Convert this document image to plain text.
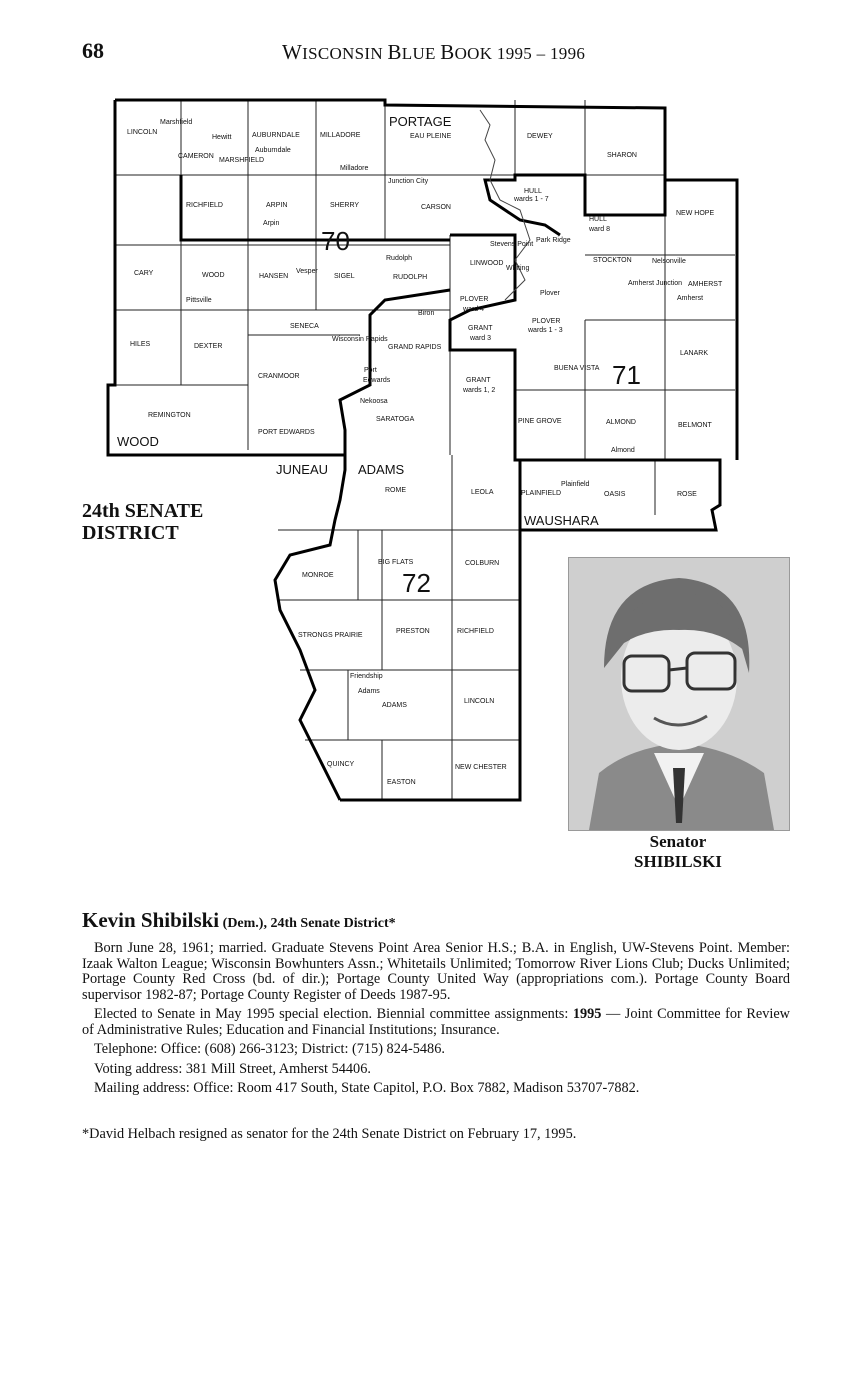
68	WISCONSIN BLUE BOOK 1995 – 1996
LINCOLN
Marshfield
Hewitt	AUBURNDALE
Auburndale
CAMERON
MARSHFIELD
MILLADORE
Milladore
EAU PLEINE	DEWEY
SHARON
RICHFIELD	ARPIN
Arpin
SHERRY
Junction City
CARSON
HULL
wards 1 - 7
HULL
ward 8
NEW HOPE
Stevens Point
Park Ridge
LINWOOD
Whiting
STOCKTON	Nelsonville
Amherst Junction AMHERST
Amherst
CARY	WOOD
Pittsville
HANSEN
Vesper
SIGEL
Rudolph
RUDOLPH
Plover
PLOVER
ward 4
Biron
SENECA
Wisconsin Rapids
GRAND RAPIDS
GRANT
ward 3
PLOVER
wards 1 - 3
HILES	DEXTER
CRANMOOR
Port
Edwards	GRANT
wards 1, 2
BUENA VISTA
LANARK
Nekoosa
REMINGTON
SARATOGA
PORT EDWARDS
PINE GROVE	ALMOND
Almond
BELMONT
ROME	LEOLA
Plainfield
PLAINFIELD	OASIS	ROSE
MONROE
BIG FLATS	COLBURN
STRONGS PRAIRIE
PRESTON	RICHFIELD
Friendship
Adams
ADAMS
LINCOLN
QUINCY	NEW CHESTER
EASTON
PORTAGE
WOOD
JUNEAU ADAMS
WAUSHARA
70
71
72
24th SENATE
DISTRICT
Senator
SHIBILSKI
Kevin Shibilski (Dem.), 24th Senate District*

Born June 28, 1961; married. Graduate Stevens Point Area Senior H.S.; B.A. in English, UW-Stevens Point. Member: Izaak Walton League; Wisconsin Bowhunters Assn.; Whitetails Unlimited; Tomorrow River Lions Club; Ducks Unlimited; Portage County Red Cross (bd. of dir.); Portage County United Way (appropriations com.). Portage County Board supervisor 1982-87; Portage County Register of Deeds 1987-95.

Elected to Senate in May 1995 special election. Biennial committee assignments: 1995 — Joint Committee for Review of Administrative Rules; Education and Financial Institutions; Insurance.

Telephone: Office: (608) 266-3123; District: (715) 824-5486.

Voting address: 381 Mill Street, Amherst 54406.

Mailing address: Office: Room 417 South, State Capitol, P.O. Box 7882, Madison 53707-7882.

*David Helbach resigned as senator for the 24th Senate District on February 17, 1995.
